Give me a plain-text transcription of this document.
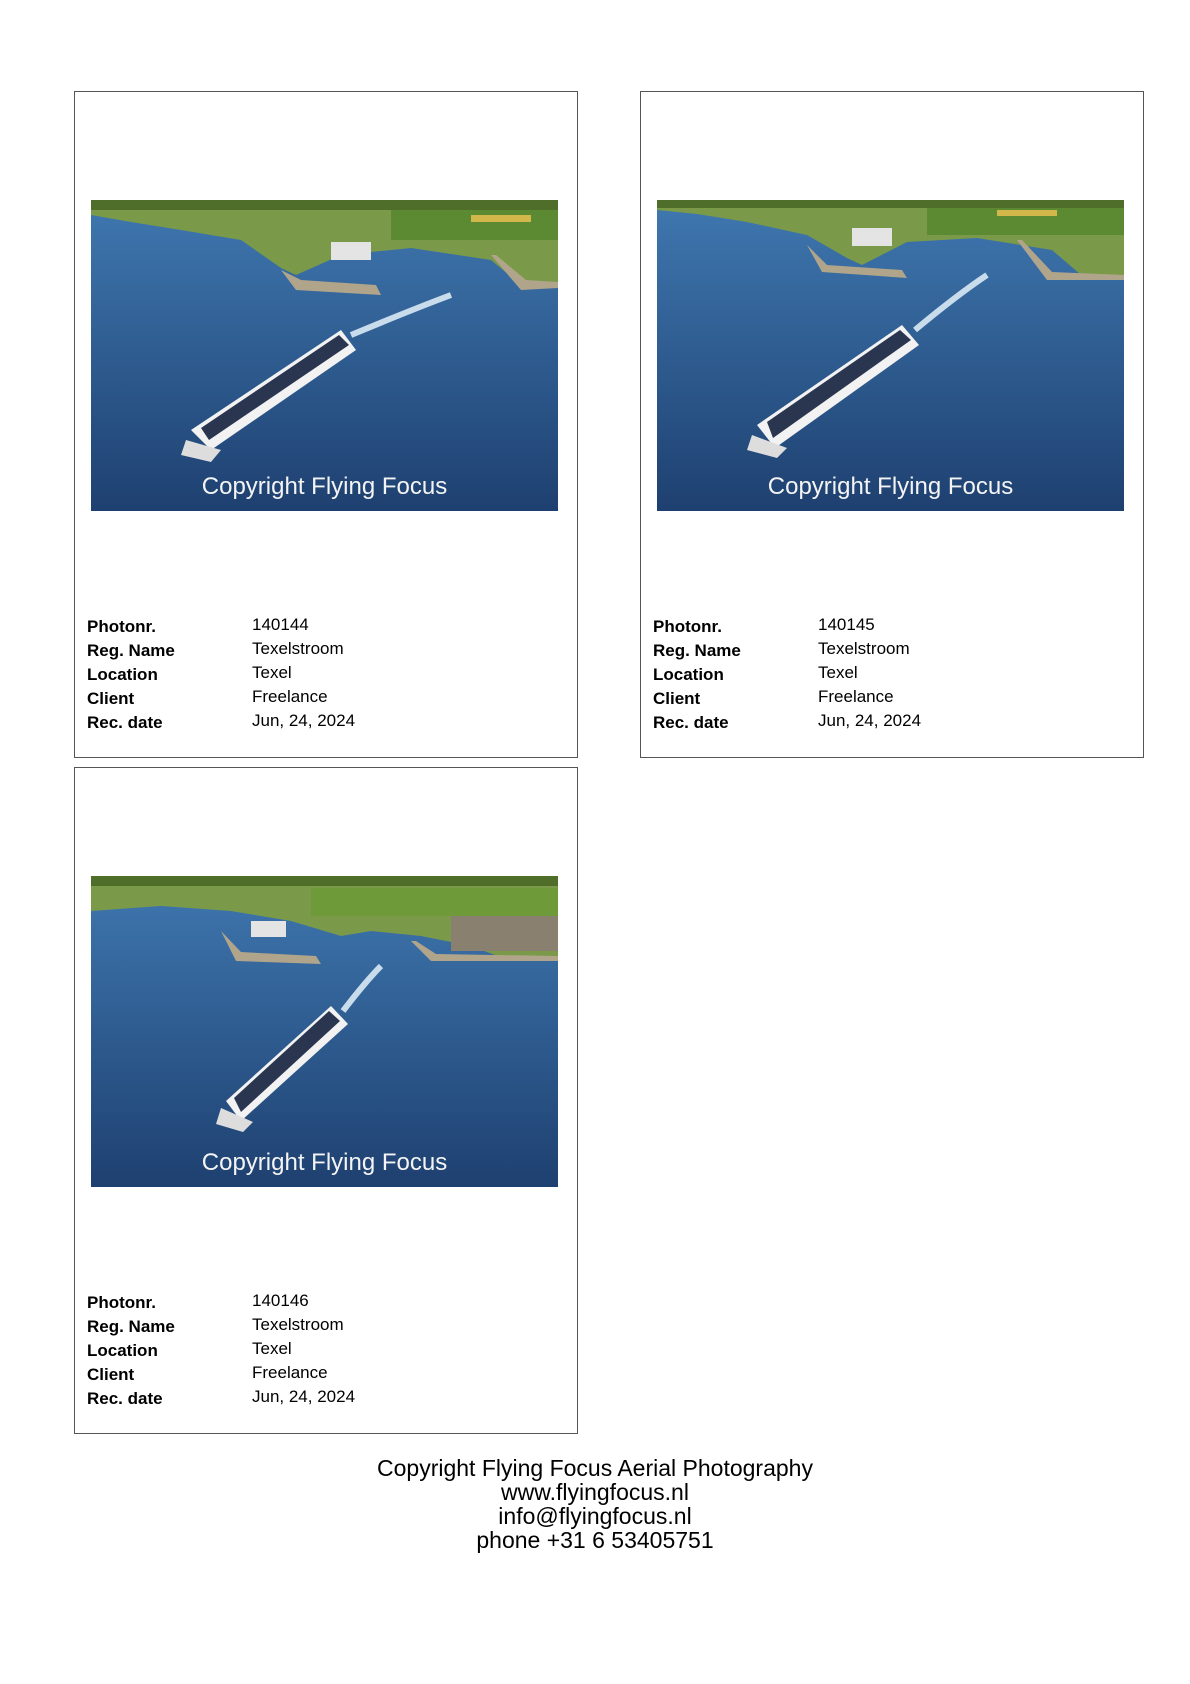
Copyright Flying Focus
Photonr.	140144
Reg. Name	Texelstroom
Location	Texel
Client	Freelance
Rec. date	Jun, 24, 2024
Copyright Flying Focus
Photonr.	140145
Reg. Name	Texelstroom
Location	Texel
Client	Freelance
Rec. date	Jun, 24, 2024
Copyright Flying Focus
Photonr.	140146
Reg. Name	Texelstroom
Location	Texel
Client	Freelance
Rec. date	Jun, 24, 2024
Copyright Flying Focus Aerial Photography
www.flyingfocus.nl
info@flyingfocus.nl
phone +31 6 53405751
